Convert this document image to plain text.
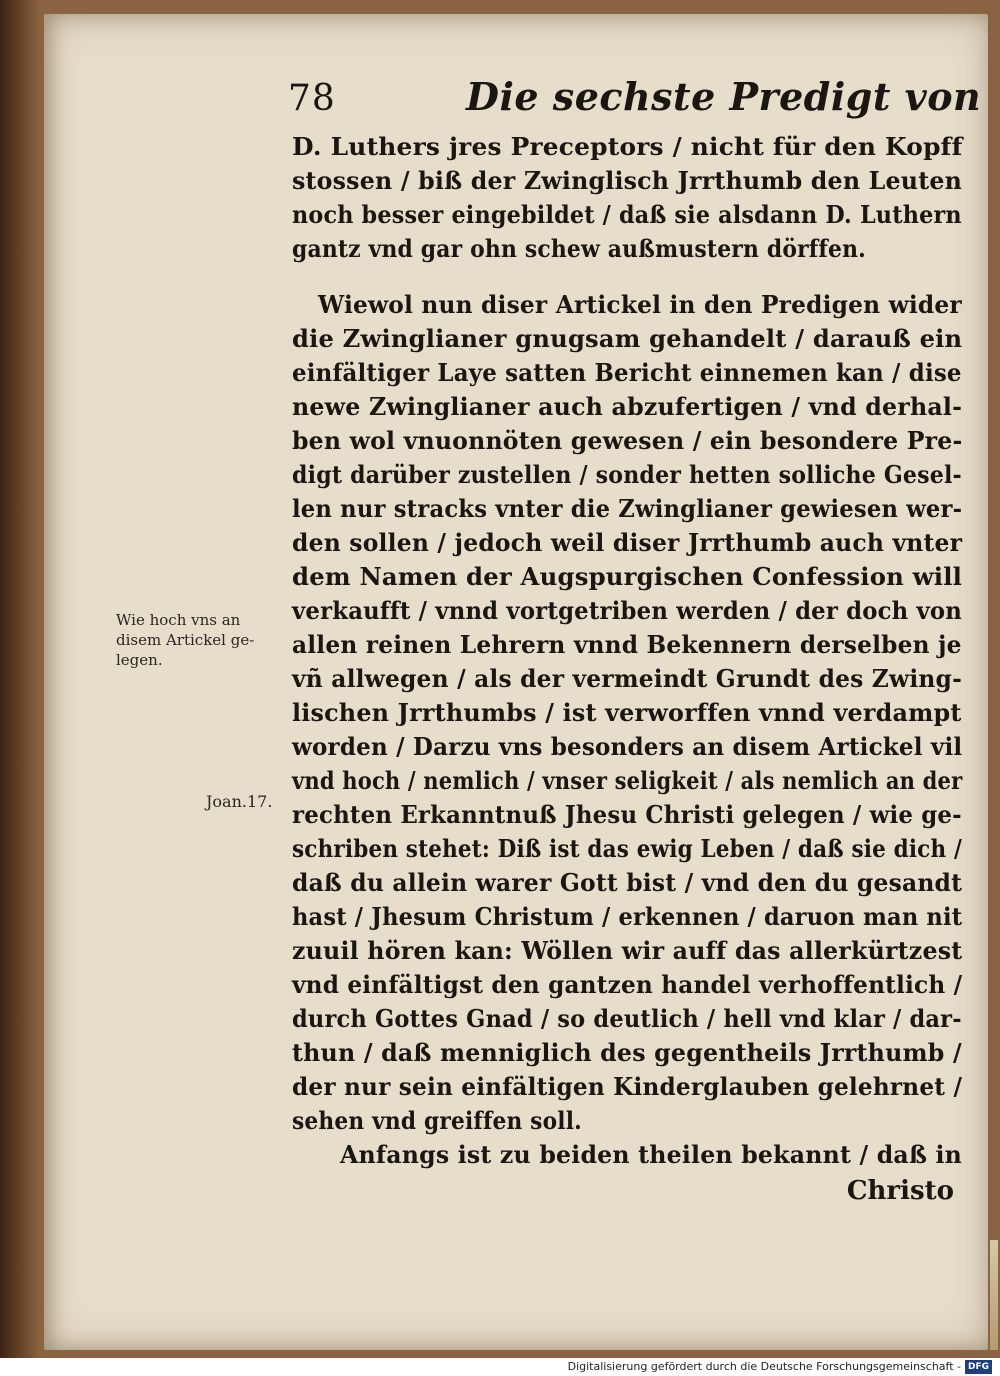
78	Die sechste Predigt von
D. Luthers jres Preceptors / nicht für den Kopff
stossen / biß der Zwinglisch Jrrthumb den Leuten
noch besser eingebildet / daß sie alsdann D. Luthern
gantz vnd gar ohn schew außmustern dörffen.
Wiewol nun diser Artickel in den Predigen wider
die Zwinglianer gnugsam gehandelt / darauß ein
einfältiger Laye satten Bericht einnemen kan / dise
newe Zwinglianer auch abzufertigen / vnd derhal-
ben wol vnuonnöten gewesen / ein besondere Pre-
digt darüber zustellen / sonder hetten solliche Gesel-
len nur stracks vnter die Zwinglianer gewiesen wer-
den sollen / jedoch weil diser Jrrthumb auch vnter
dem Namen der Augspurgischen Confession will
verkaufft / vnnd vortgetriben werden / der doch von
allen reinen Lehrern vnnd Bekennern derselben je
vñ allwegen / als der vermeindt Grundt des Zwing-
lischen Jrrthumbs / ist verworffen vnnd verdampt
worden / Darzu vns besonders an disem Artickel vil
vnd hoch / nemlich / vnser seligkeit / als nemlich an der
rechten Erkanntnuß Jhesu Christi gelegen / wie ge-
schriben stehet: Diß ist das ewig Leben / daß sie dich /
daß du allein warer Gott bist / vnd den du gesandt
hast / Jhesum Christum / erkennen / daruon man nit
zuuil hören kan: Wöllen wir auff das allerkürtzest
vnd einfältigst den gantzen handel verhoffentlich /
durch Gottes Gnad / so deutlich / hell vnd klar / dar-
thun / daß menniglich des gegentheils Jrrthumb /
der nur sein einfältigen Kinderglauben gelehrnet /
sehen vnd greiffen soll.
Anfangs ist zu beiden theilen bekannt / daß in
Wie hoch vns an
disem Artickel ge-
legen.
Joan.17.
Christo
Digitalisierung gefördert durch die Deutsche Forschungsgemeinschaft - DFG
